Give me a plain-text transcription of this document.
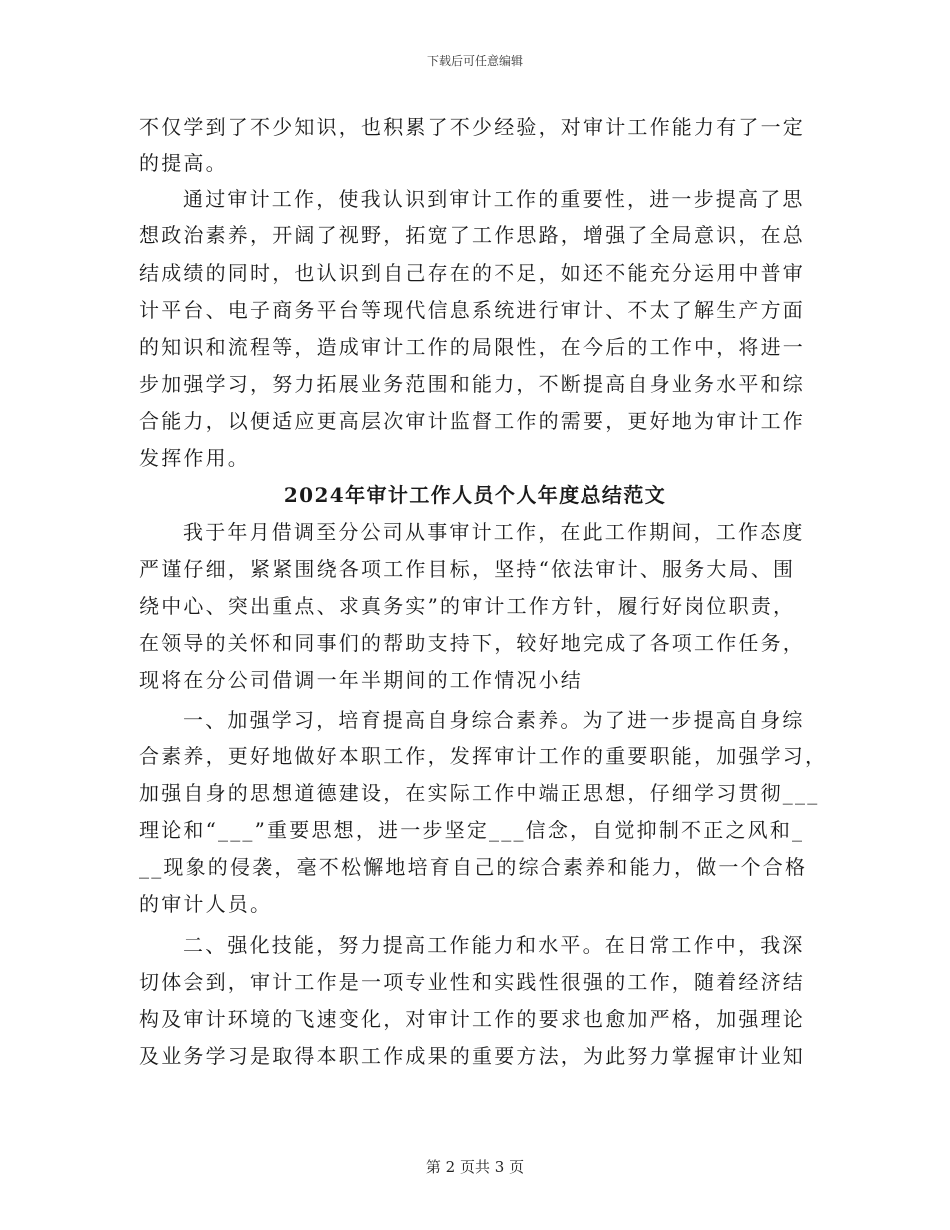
下载后可任意编辑
不仅学到了不少知识，也积累了不少经验，对审计工作能力有了一定
的提高。
通过审计工作，使我认识到审计工作的重要性，进一步提高了思
想政治素养，开阔了视野，拓宽了工作思路，增强了全局意识，在总
结成绩的同时，也认识到自己存在的不足，如还不能充分运用中普审
计平台、电子商务平台等现代信息系统进行审计、不太了解生产方面
的知识和流程等，造成审计工作的局限性，在今后的工作中，将进一
步加强学习，努力拓展业务范围和能力，不断提高自身业务水平和综
合能力，以便适应更高层次审计监督工作的需要，更好地为审计工作
发挥作用。
2024年审计工作人员个人年度总结范文
我于年月借调至分公司从事审计工作，在此工作期间，工作态度
严谨仔细，紧紧围绕各项工作目标，坚持“依法审计、服务大局、围
绕中心、突出重点、求真务实”的审计工作方针，履行好岗位职责，
在领导的关怀和同事们的帮助支持下，较好地完成了各项工作任务，
现将在分公司借调一年半期间的工作情况小结
一、加强学习，培育提高自身综合素养。为了进一步提高自身综
合素养，更好地做好本职工作，发挥审计工作的重要职能，加强学习，
加强自身的思想道德建设，在实际工作中端正思想，仔细学习贯彻___
理论和“___”重要思想，进一步坚定___信念，自觉抑制不正之风和_
__现象的侵袭，毫不松懈地培育自己的综合素养和能力，做一个合格
的审计人员。
二、强化技能，努力提高工作能力和水平。在日常工作中，我深
切体会到，审计工作是一项专业性和实践性很强的工作，随着经济结
构及审计环境的飞速变化，对审计工作的要求也愈加严格，加强理论
及业务学习是取得本职工作成果的重要方法，为此努力掌握审计业知
第 2 页共 3 页
